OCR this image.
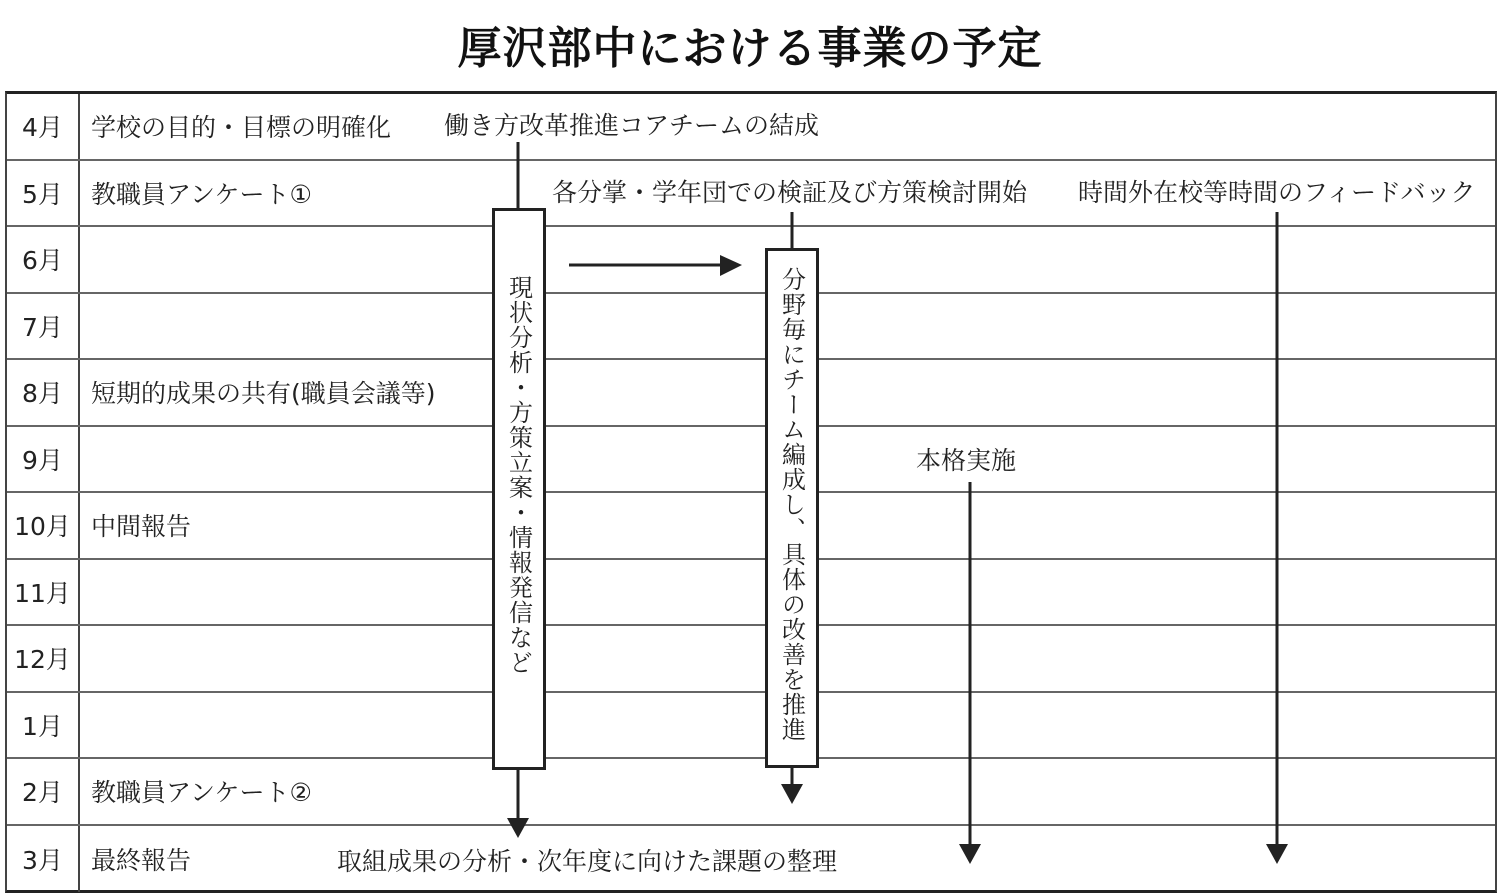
厚沢部中における事業の予定
4月	学校の目的・目標の明確化
5月	教職員アンケート①
6月
7月
8月	短期的成果の共有(職員会議等)
9月
10月 中間報告
11月
12月
1月
2月	教職員アンケート②
3月	最終報告
働き方改革推進コアチームの結成
各分掌・学年団での検証及び方策検討開始 時間外在校等時間のフィードバック
本格実施
取組成果の分析・次年度に向けた課題の整理
現状分析・方策立案・情報発信など	分野毎にチーム編成し、具体の改善を推進
